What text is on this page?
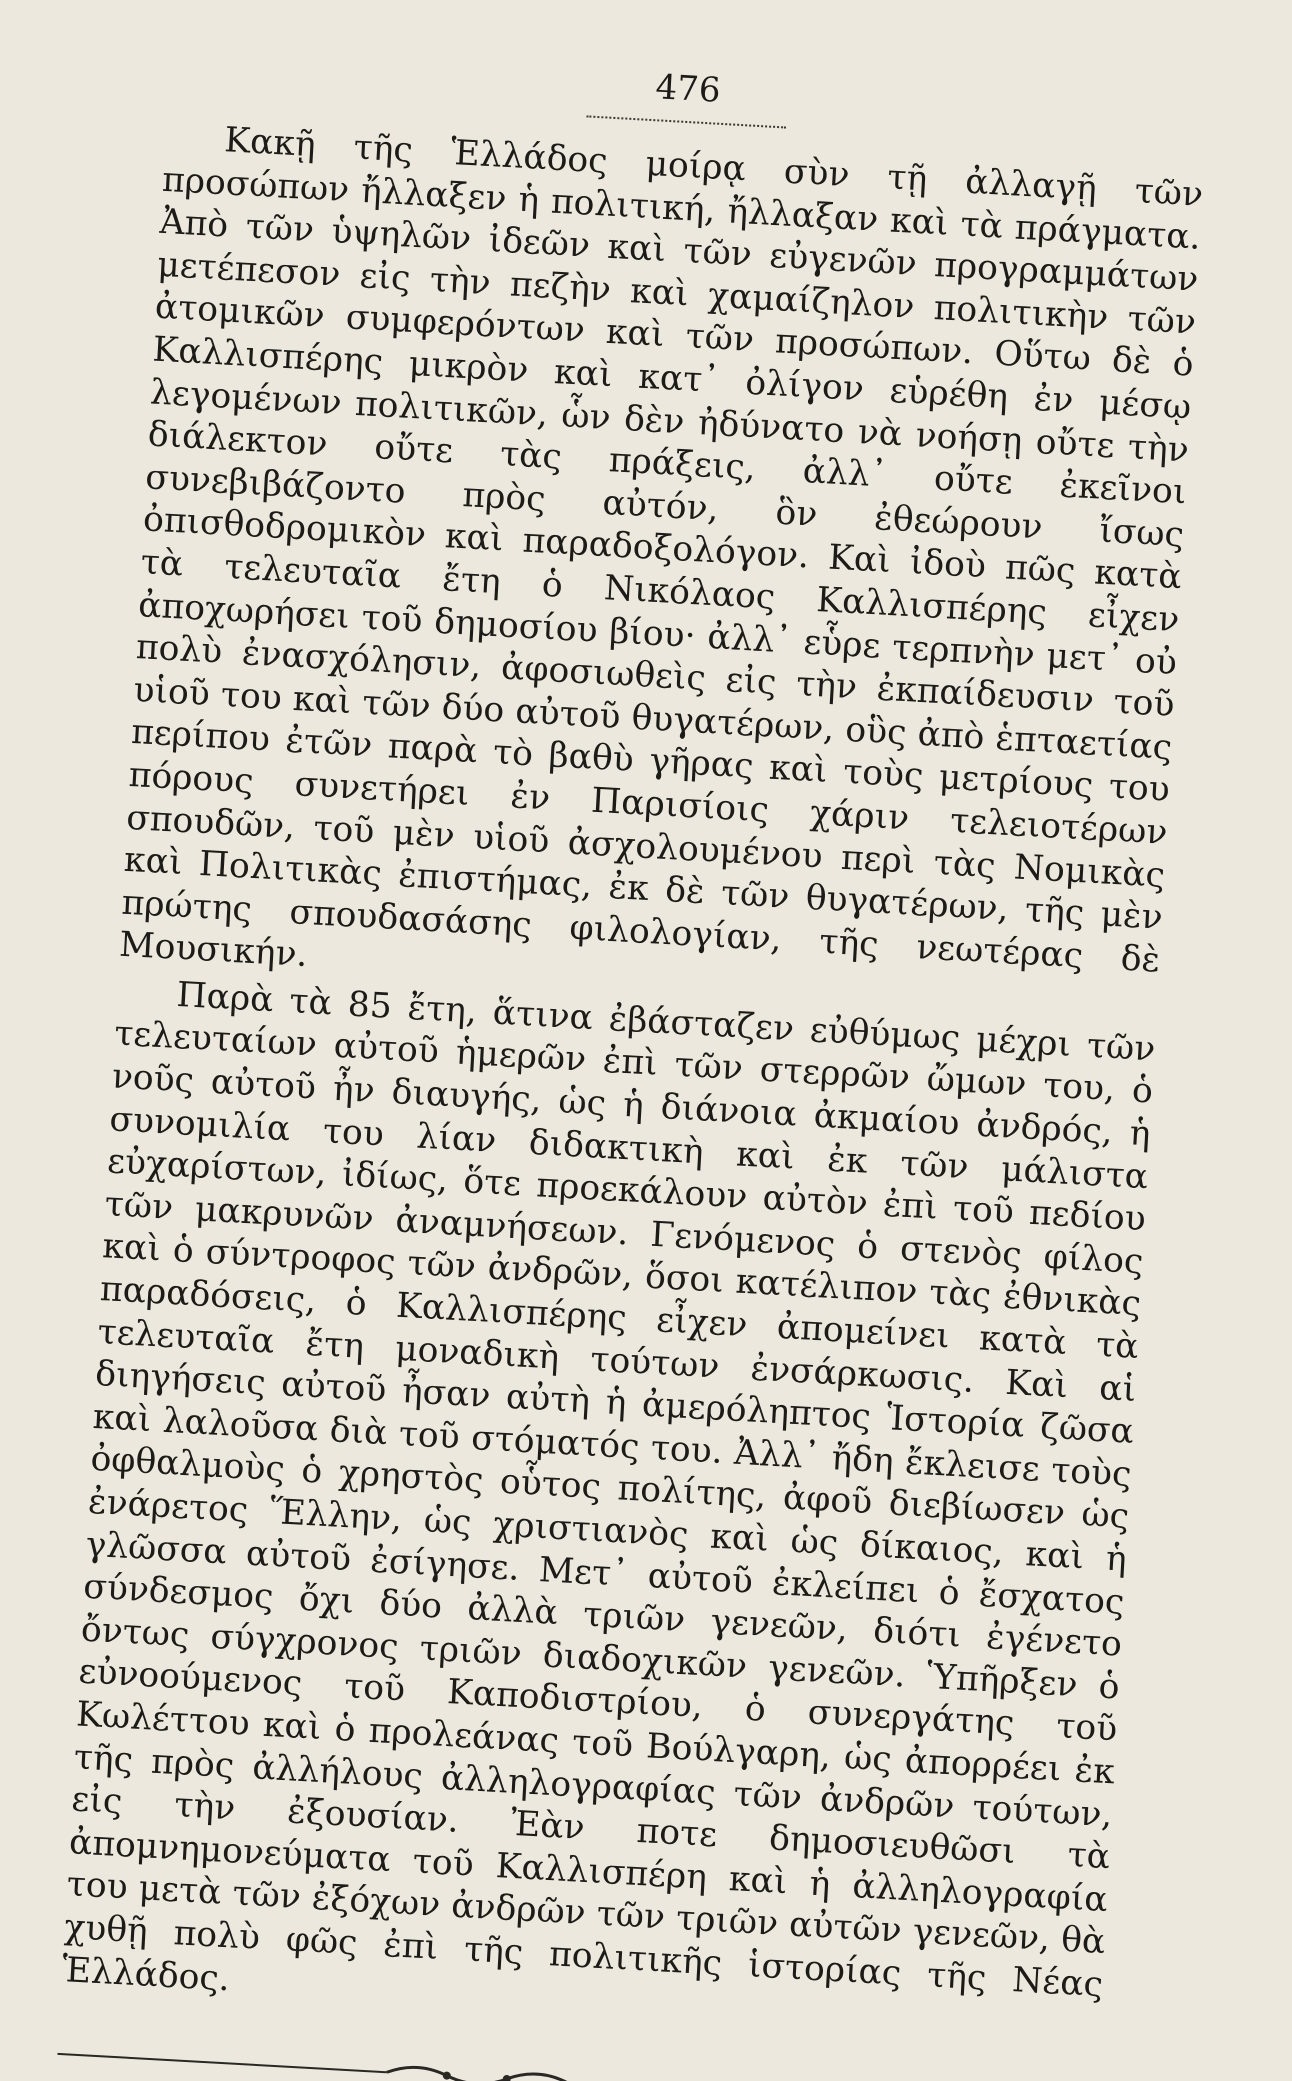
476

Κακῇ τῆς Ἑλλάδος μοίρᾳ σὺν τῇ ἀλλαγῇ τῶν προσώπων ἤλλαξεν ἡ πολιτική, ἤλλαξαν καὶ τὰ πράγματα. Ἀπὸ τῶν ὑψηλῶν ἰδεῶν καὶ τῶν εὐγενῶν προγραμμάτων μετέπεσον εἰς τὴν πεζὴν καὶ χαμαίζηλον πολιτικὴν τῶν ἀτομικῶν συμφερόντων καὶ τῶν προσώπων. Οὕτω δὲ ὁ Καλλισπέρης μικρὸν καὶ κατ᾽ ὀλίγον εὑρέθη ἐν μέσῳ λεγομένων πολιτικῶν, ὧν δὲν ἠδύνατο νὰ νοήσῃ οὔτε τὴν διάλεκτον οὔτε τὰς πράξεις, ἀλλ᾽ οὔτε ἐκεῖνοι συνεβιβάζοντο πρὸς αὐτόν, ὃν ἐθεώρουν ἴσως ὀπισθοδρομικὸν καὶ παραδοξολόγον. Καὶ ἰδοὺ πῶς κατὰ τὰ τελευταῖα ἔτη ὁ Νικόλαος Καλλισπέρης εἶχεν ἀποχωρήσει τοῦ δημοσίου βίου· ἀλλ᾽ εὗρε τερπνὴν μετ᾽ οὐ πολὺ ἐνασχόλησιν, ἀφοσιωθεὶς εἰς τὴν ἐκπαίδευσιν τοῦ υἱοῦ του καὶ τῶν δύο αὐτοῦ θυγατέρων, οὓς ἀπὸ ἑπταετίας περίπου ἐτῶν παρὰ τὸ βαθὺ γῆρας καὶ τοὺς μετρίους του πόρους συνετήρει ἐν Παρισίοις χάριν τελειοτέρων σπουδῶν, τοῦ μὲν υἱοῦ ἀσχολουμένου περὶ τὰς Νομικὰς καὶ Πολιτικὰς ἐπιστήμας, ἐκ δὲ τῶν θυγατέρων, τῆς μὲν πρώτης σπουδασάσης φιλολογίαν, τῆς νεωτέρας δὲ Μουσικήν.

Παρὰ τὰ 85 ἔτη, ἅτινα ἐβάσταζεν εὐθύμως μέχρι τῶν τελευταίων αὐτοῦ ἡμερῶν ἐπὶ τῶν στερρῶν ὤμων του, ὁ νοῦς αὐτοῦ ἦν διαυγής, ὡς ἡ διάνοια ἀκμαίου ἀνδρός, ἡ συνομιλία του λίαν διδακτικὴ καὶ ἐκ τῶν μάλιστα εὐχαρίστων, ἰδίως, ὅτε προεκάλουν αὐτὸν ἐπὶ τοῦ πεδίου τῶν μακρυνῶν ἀναμνήσεων. Γενόμενος ὁ στενὸς φίλος καὶ ὁ σύντροφος τῶν ἀνδρῶν, ὅσοι κατέλιπον τὰς ἐθνικὰς παραδόσεις, ὁ Καλλισπέρης εἶχεν ἀπομείνει κατὰ τὰ τελευταῖα ἔτη μοναδικὴ τούτων ἐνσάρκωσις. Καὶ αἱ διηγήσεις αὐτοῦ ἦσαν αὐτὴ ἡ ἀμερόληπτος Ἱστορία ζῶσα καὶ λαλοῦσα διὰ τοῦ στόματός του. Ἀλλ᾽ ἤδη ἔκλεισε τοὺς ὀφθαλμοὺς ὁ χρηστὸς οὗτος πολίτης, ἀφοῦ διεβίωσεν ὡς ἐνάρετος Ἕλλην, ὡς χριστιανὸς καὶ ὡς δίκαιος, καὶ ἡ γλῶσσα αὐτοῦ ἐσίγησε. Μετ᾽ αὐτοῦ ἐκλείπει ὁ ἔσχατος σύνδεσμος ὄχι δύο ἀλλὰ τριῶν γενεῶν, διότι ἐγένετο ὄντως σύγχρονος τριῶν διαδοχικῶν γενεῶν. Ὑπῆρξεν ὁ εὐνοούμενος τοῦ Καποδιστρίου, ὁ συνεργάτης τοῦ Κωλέττου καὶ ὁ προλεάνας τοῦ Βούλγαρη, ὡς ἀπορρέει ἐκ τῆς πρὸς ἀλλήλους ἀλληλογραφίας τῶν ἀνδρῶν τούτων, εἰς τὴν ἐξουσίαν. Ἐὰν ποτε δημοσιευθῶσι τὰ ἀπομνημονεύματα τοῦ Καλλισπέρη καὶ ἡ ἀλληλογραφία του μετὰ τῶν ἐξόχων ἀνδρῶν τῶν τριῶν αὐτῶν γενεῶν, θὰ χυθῇ πολὺ φῶς ἐπὶ τῆς πολιτικῆς ἱστορίας τῆς Νέας Ἑλλάδος.
